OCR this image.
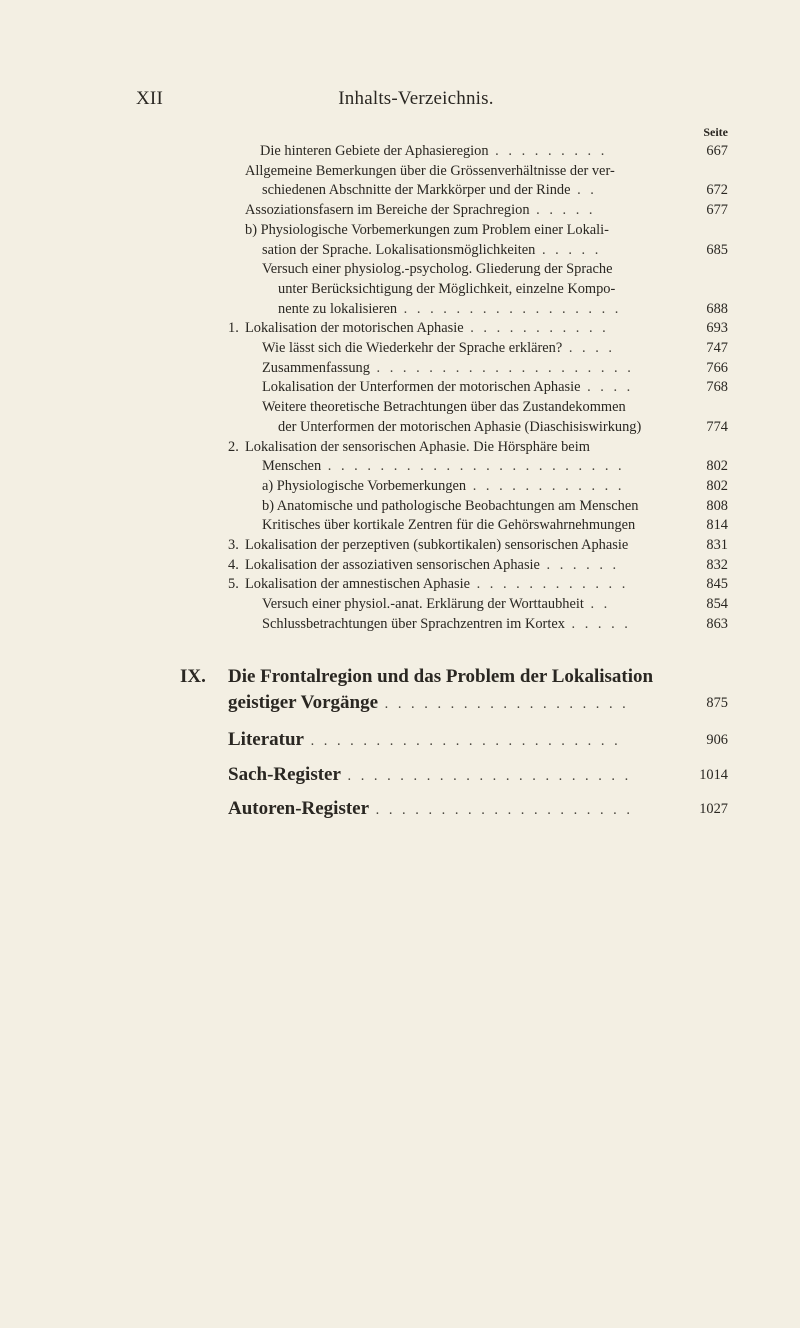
XII	Inhalts-Verzeichnis.
Seite
Die hinteren Gebiete der Aphasieregion . . . . . . . . .	667
Allgemeine Bemerkungen über die Grössenverhältnisse der ver-
schiedenen Abschnitte der Markkörper und der Rinde . .	672
Assoziationsfasern im Bereiche der Sprachregion . . . . .	677
b) Physiologische Vorbemerkungen zum Problem einer Lokali-
sation der Sprache. Lokalisationsmöglichkeiten . . . . .	685
Versuch einer physiolog.-psycholog. Gliederung der Sprache
unter Berücksichtigung der Möglichkeit, einzelne Kompo-
nente zu lokalisieren . . . . . . . . . . . . . . . . .	688
1. Lokalisation der motorischen Aphasie . . . . . . . . . . .	693
Wie lässt sich die Wiederkehr der Sprache erklären? . . . .	747
Zusammenfassung . . . . . . . . . . . . . . . . . . . .	766
Lokalisation der Unterformen der motorischen Aphasie . . . .	768
Weitere theoretische Betrachtungen über das Zustandekommen
der Unterformen der motorischen Aphasie (Diaschisiswirkung)	774
2. Lokalisation der sensorischen Aphasie. Die Hörsphäre beim
Menschen . . . . . . . . . . . . . . . . . . . . . . .	802
a) Physiologische Vorbemerkungen . . . . . . . . . . . .	802
b) Anatomische und pathologische Beobachtungen am Menschen	808
Kritisches über kortikale Zentren für die Gehörswahrnehmungen	814
3. Lokalisation der perzeptiven (subkortikalen) sensorischen Aphasie	831
4. Lokalisation der assoziativen sensorischen Aphasie . . . . . .	832
5. Lokalisation der amnestischen Aphasie . . . . . . . . . . . .	845
Versuch einer physiol.-anat. Erklärung der Worttaubheit . .	854
Schlussbetrachtungen über Sprachzentren im Kortex . . . . .	863
IX. Die Frontalregion und das Problem der Lokalisation
geistiger Vorgänge . . . . . . . . . . . . . . . . . . .	875
Literatur . . . . . . . . . . . . . . . . . . . . . . . .	906
Sach-Register . . . . . . . . . . . . . . . . . . . . . .	1014
Autoren-Register . . . . . . . . . . . . . . . . . . . .	1027
